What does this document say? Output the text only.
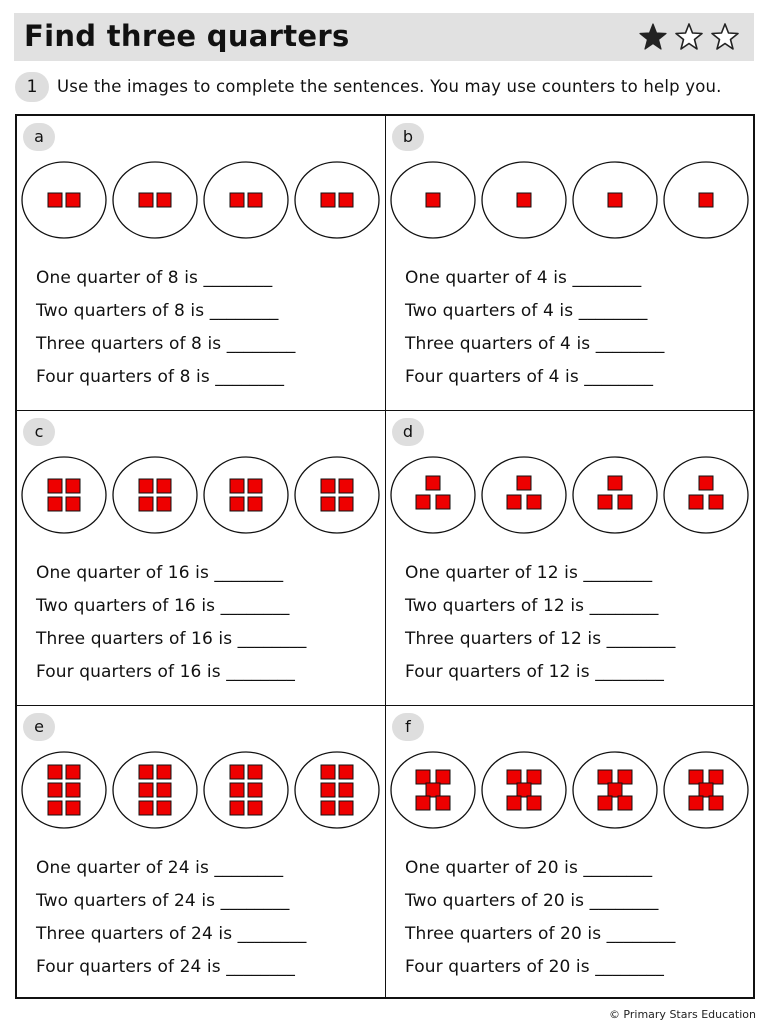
Find three quarters
1	Use the images to complete the sentences. You may use counters to help you.
a
One quarter of 8 is ________
Two quarters of 8 is ________
Three quarters of 8 is ________
Four quarters of 8 is ________
b
One quarter of 4 is ________
Two quarters of 4 is ________
Three quarters of 4 is ________
Four quarters of 4 is ________
c
One quarter of 16 is ________
Two quarters of 16 is ________
Three quarters of 16 is ________
Four quarters of 16 is ________
d
One quarter of 12 is ________
Two quarters of 12 is ________
Three quarters of 12 is ________
Four quarters of 12 is ________
e
One quarter of 24 is ________
Two quarters of 24 is ________
Three quarters of 24 is ________
Four quarters of 24 is ________
f
One quarter of 20 is ________
Two quarters of 20 is ________
Three quarters of 20 is ________
Four quarters of 20 is ________
© Primary Stars Education
